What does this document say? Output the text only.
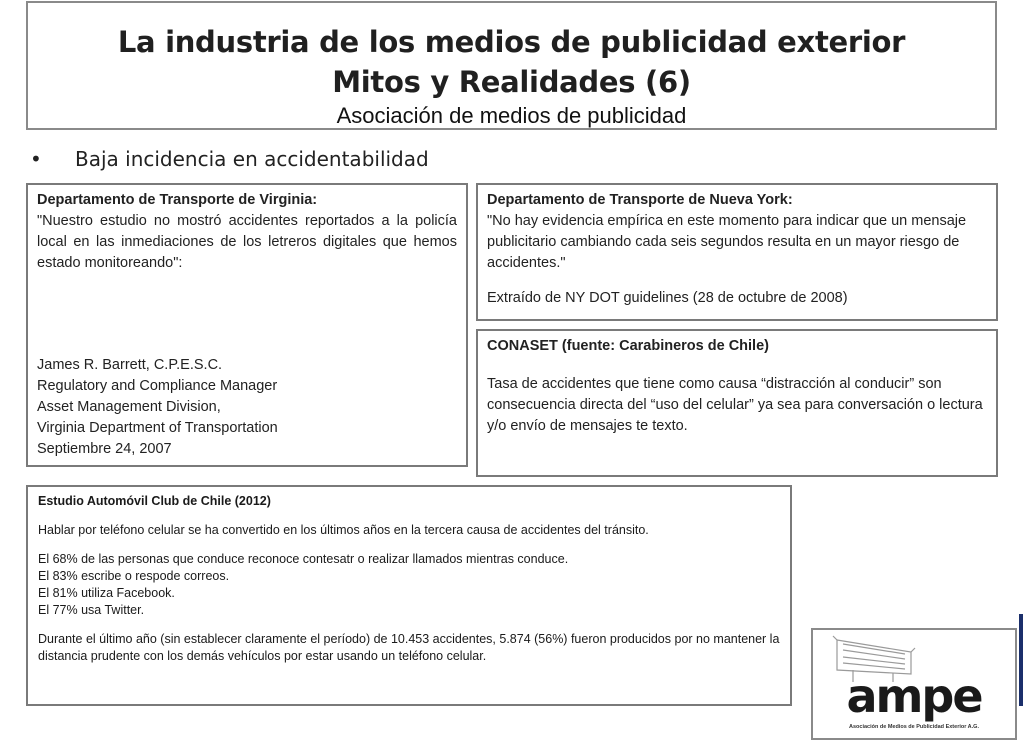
La industria de los medios de publicidad exterior
Mitos y Realidades (6)
Asociación de medios de publicidad
• Baja incidencia en accidentabilidad
Departamento de Transporte de Virginia:

"Nuestro estudio no mostró accidentes reportados a la policía local en las inmediaciones de los letreros digitales que hemos estado monitoreando":

James R. Barrett, C.P.E.S.C.
Regulatory and Compliance Manager
Asset Management Division,
Virginia Department of Transportation
Septiembre 24, 2007
Departamento de Transporte de Nueva York:

"No hay evidencia empírica en este momento para indicar que un mensaje publicitario cambiando cada seis segundos resulta en un mayor riesgo de accidentes."

Extraído de NY DOT guidelines (28 de octubre de 2008)

CONASET (fuente: Carabineros de Chile)

Tasa de accidentes que tiene como causa “distracción al conducir” son consecuencia directa del “uso del celular” ya sea para conversación o lectura y/o envío de mensajes te texto.

Estudio Automóvil Club de Chile (2012)

Hablar por teléfono celular se ha convertido en los últimos años en la tercera causa de accidentes del tránsito.

El 68% de las personas que conduce reconoce contesatr o realizar llamados mientras conduce.

El 83% escribe o respode correos.

El 81% utiliza Facebook.

El 77% usa Twitter.

Durante el último año (sin establecer claramente el período) de 10.453 accidentes, 5.874 (56%) fueron producidos por no mantener la distancia prudente con los demás vehículos por estar usando un teléfono celular.

ampe
Asociación de Medios de Publicidad Exterior A.G.
